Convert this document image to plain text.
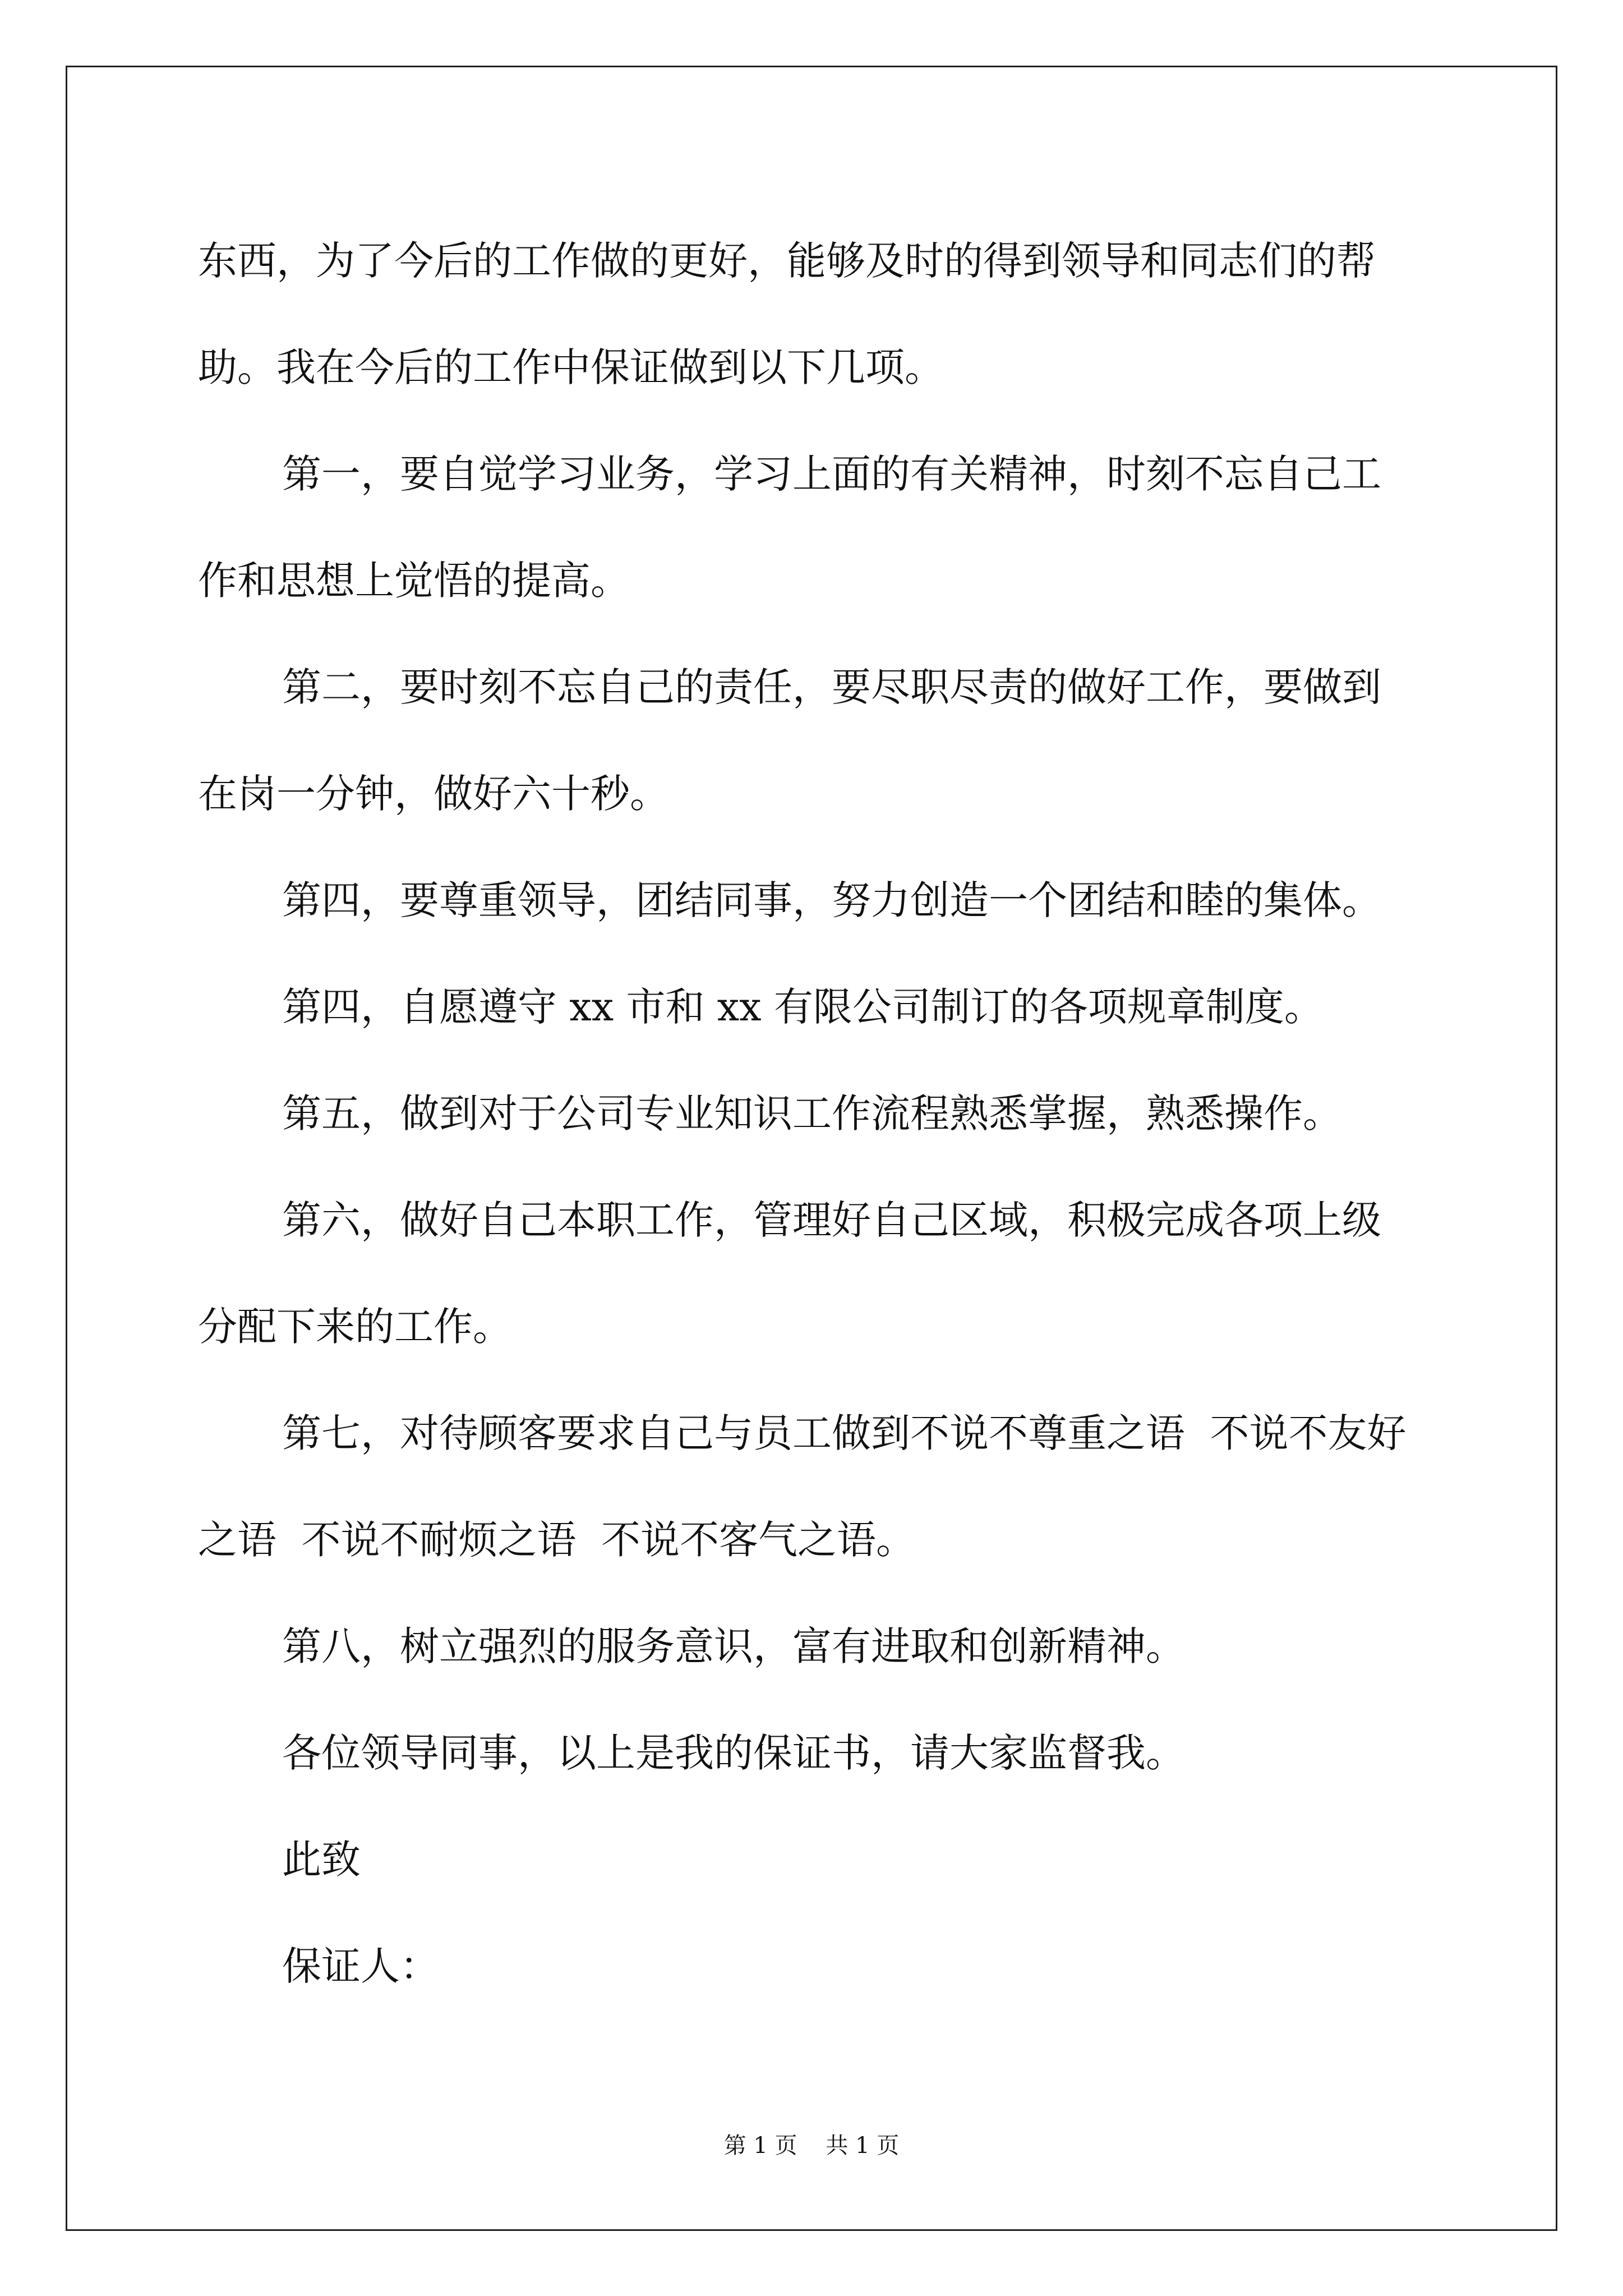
东西，为了今后的工作做的更好，能够及时的得到领导和同志们的帮
助。我在今后的工作中保证做到以下几项。

第一，要自觉学习业务，学习上面的有关精神，时刻不忘自己工
作和思想上觉悟的提高。

第二，要时刻不忘自己的责任，要尽职尽责的做好工作，要做到
在岗一分钟，做好六十秒。

第四，要尊重领导，团结同事，努力创造一个团结和睦的集体。

第四，自愿遵守 xx 市和 xx 有限公司制订的各项规章制度。

第五，做到对于公司专业知识工作流程熟悉掌握，熟悉操作。

第六，做好自己本职工作，管理好自己区域，积极完成各项上级
分配下来的工作。

第七，对待顾客要求自己与员工做到不说不尊重之语  不说不友好
之语  不说不耐烦之语  不说不客气之语。

第八，树立强烈的服务意识，富有进取和创新精神。

各位领导同事，以上是我的保证书，请大家监督我。

此致

保证人：

第 1 页    共 1 页
